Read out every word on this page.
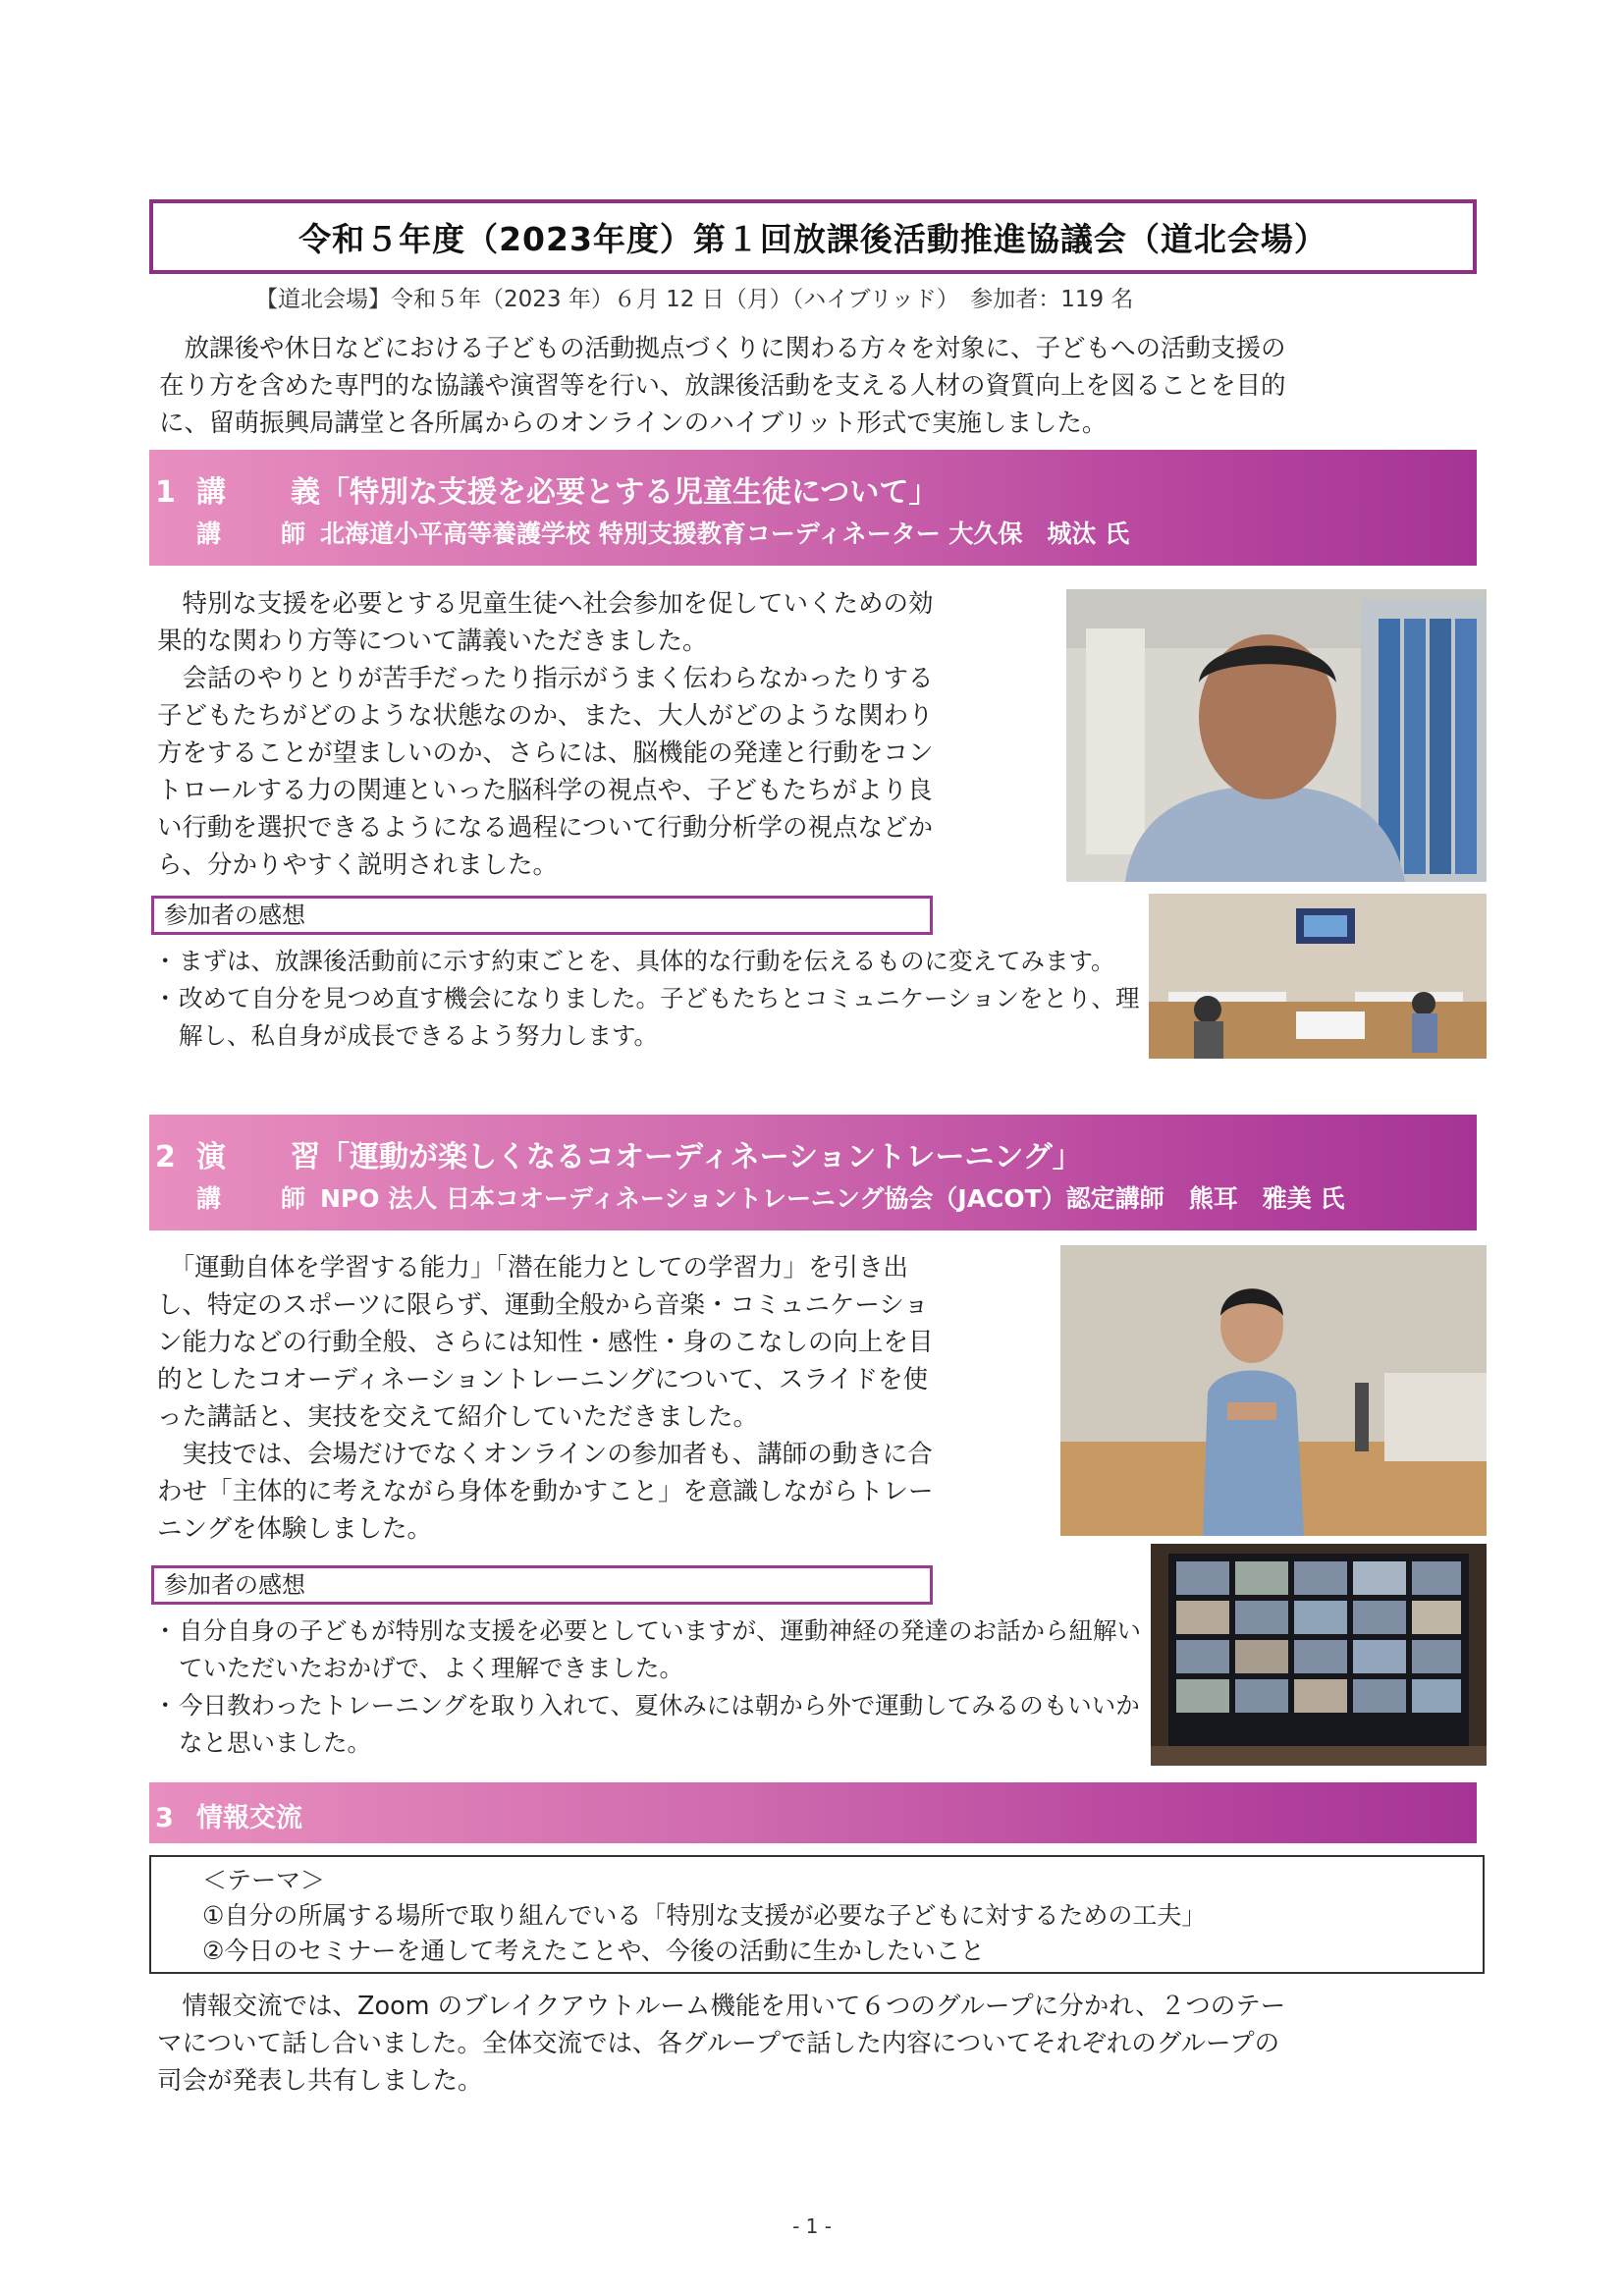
令和５年度（2023年度）第１回放課後活動推進協議会（道北会場）
【道北会場】令和５年（2023 年）６月 12 日（月）（ハイブリッド）　参加者：119 名

　放課後や休日などにおける子どもの活動拠点づくりに関わる方々を対象に、子どもへの活動支援の

在り方を含めた専門的な協議や演習等を行い、放課後活動を支える人材の資質向上を図ることを目的

に、留萌振興局講堂と各所属からのオンラインのハイブリット形式で実施しました。

1 講　義「特別な支援を必要とする児童生徒について」
講　師北海道小平高等養護学校 特別支援教育コーディネーター 大久保　城汰 氏

　特別な支援を必要とする児童生徒へ社会参加を促していくための効

果的な関わり方等について講義いただきました。

　会話のやりとりが苦手だったり指示がうまく伝わらなかったりする

子どもたちがどのような状態なのか、また、大人がどのような関わり

方をすることが望ましいのか、さらには、脳機能の発達と行動をコン

トロールする力の関連といった脳科学の視点や、子どもたちがより良

い行動を選択できるようになる過程について行動分析学の視点などか

ら、分かりやすく説明されました。

参加者の感想
・ まずは、放課後活動前に示す約束ごとを、具体的な行動を伝えるものに変えてみます。
・ 改めて自分を見つめ直す機会になりました。子どもたちとコミュニケーションをとり、理解し、私自身が成長できるよう努力します。
2 演　習「運動が楽しくなるコオーディネーショントレーニング」
講　師NPO 法人 日本コオーディネーショントレーニング協会（JACOT）認定講師　熊耳　雅美 氏

　「運動自体を学習する能力」「潜在能力としての学習力」を引き出

し、特定のスポーツに限らず、運動全般から音楽・コミュニケーショ

ン能力などの行動全般、さらには知性・感性・身のこなしの向上を目

的としたコオーディネーショントレーニングについて、スライドを使

った講話と、実技を交えて紹介していただきました。

　実技では、会場だけでなくオンラインの参加者も、講師の動きに合

わせ「主体的に考えながら身体を動かすこと」を意識しながらトレー

ニングを体験しました。

参加者の感想
・ 自分自身の子どもが特別な支援を必要としていますが、運動神経の発達のお話から紐解いていただいたおかげで、よく理解できました。
・ 今日教わったトレーニングを取り入れて、夏休みには朝から外で運動してみるのもいいかなと思いました。
3 情報交流
＜テーマ＞
①自分の所属する場所で取り組んでいる「特別な支援が必要な子どもに対するための工夫」
②今日のセミナーを通して考えたことや、今後の活動に生かしたいこと

　情報交流では、Zoom のブレイクアウトルーム機能を用いて６つのグループに分かれ、２つのテー

マについて話し合いました。全体交流では、各グループで話した内容についてそれぞれのグループの

司会が発表し共有しました。

- 1 -
